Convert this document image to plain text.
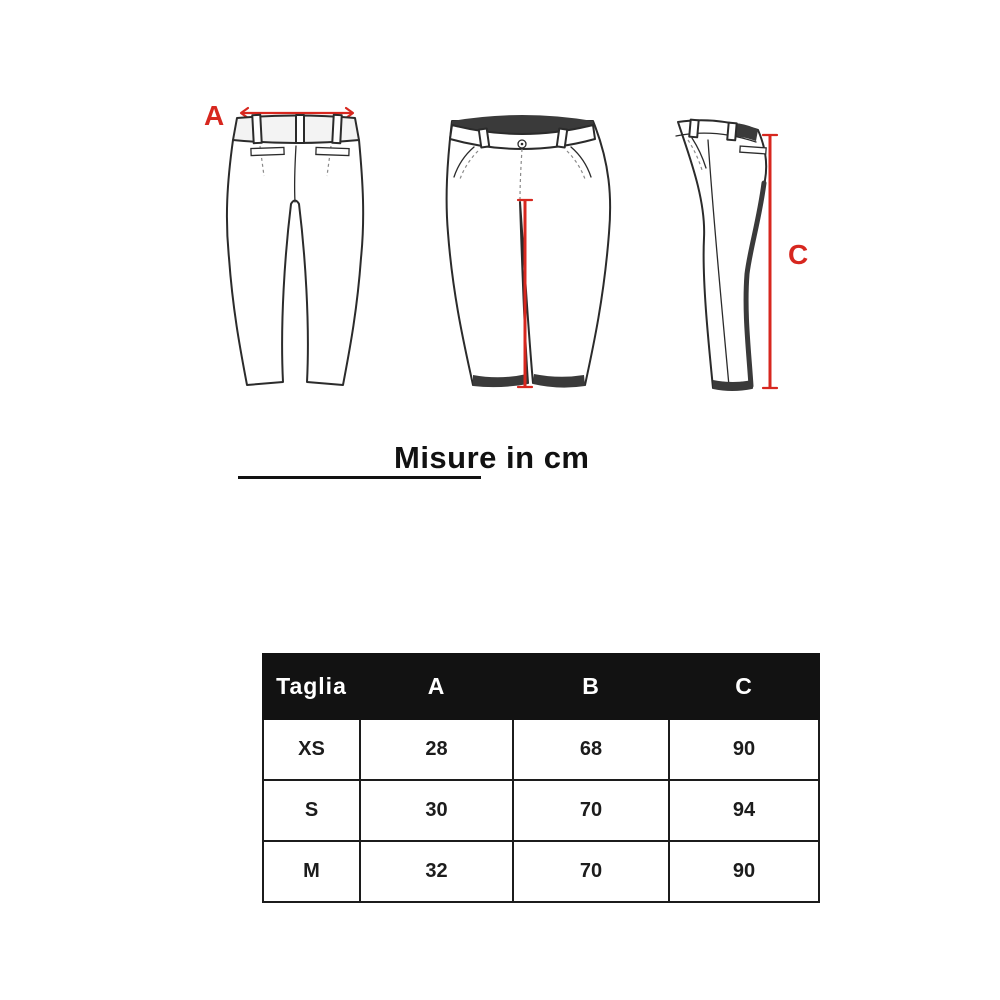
A
C
Misure in cm
Taglia	A	B	C
XS	28	68	90
S	30	70	94
M	32	70	90
